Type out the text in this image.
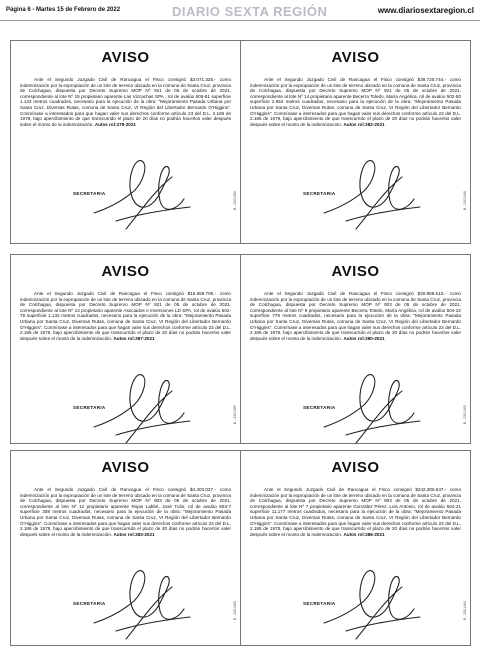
Página 6 - Martes 15 de Febrero de 2022	DIARIO SEXTA REGIÓN	www.diariosextaregion.cl
AVISO
Ante el Segundo Juzgado Civil de Rancagua el Fisco consignó $3.071.325.- como indemnización por la expropiación de un lote de terreno ubicado en la comuna de Santa Cruz, provincia de Colchagua, dispuesta por Decreto Supremo MOP Nº 921 de 05 de octubre de 2021, correspondiente al lote Nº 15 propietario aparente Las Vizcachas SPA , rol de avalúo 505-81 superficie 1.132 metros cuadrados, necesario para la ejecución de la obra: "Mejoramiento Pasada Urbana por Santa Cruz, Diversas Rutas, comuna de Santa Cruz, VI Región del Libertador Bernardo O'Higgins". Conmínase a interesados para que hagan valer sus derechos conforme artículo 23 del D.L. 2.186 de 1978, bajo apercibimiento de que transcurrido el plazo de 20 días no podrán hacerlos valer después sobre el monto de la indemnización. Autos rol:378-2021
SECRETARIA	B - 2201480
AVISO
Ante el Segundo Juzgado Civil de Rancagua el Fisco consignó $39.720.744.- como indemnización por la expropiación de un lote de terreno ubicado en la comuna de Santa Cruz, provincia de Colchagua, dispuesta por Decreto Supremo MOP Nº 921 de 05 de octubre de 2021, correspondiente al lote Nº 14 propietario aparente Becerra Toledo, María Angélica, rol de avalúo 502-50 superficie 2.952 metros cuadrados, necesario para la ejecución de la obra: "Mejoramiento Pasada Urbana por Santa Cruz, Diversas Rutas, comuna de Santa Cruz, VI Región del Libertador Bernardo O'Higgins". Conmínase a interesados para que hagan valer sus derechos conforme artículo 23 del D.L. 2.186 de 1978, bajo apercibimiento de que transcurrido el plazo de 20 días no podrán hacerlos valer después sobre el monto de la indemnización. Autos rol:382-2021
SECRETARIA	B - 2201468
AVISO
Ante el Segundo Juzgado Civil de Rancagua el Fisco consignó $15.659.706.- como indemnización por la expropiación de un lote de terreno ubicado en la comuna de Santa Cruz, provincia de Colchagua, dispuesta por Decreto Supremo MOP Nº 921 de 05 de octubre de 2021, correspondiente al lote Nº 13 propietario aparente Asociados e Inversiones LD SPA, rol de avalúo 502-79 superficie 1.132 metros cuadrados, necesario para la ejecución de la obra: "Mejoramiento Pasada Urbana por Santa Cruz, Diversas Rutas, comuna de Santa Cruz, VI Región del Libertador Bernardo O'Higgins". Conmínase a interesados para que hagan valer sus derechos conforme artículo 23 del D.L. 2.186 de 1978, bajo apercibimiento de que transcurrido el plazo de 20 días no podrán hacerlos valer después sobre el monto de la indemnización. Autos rol:387-2021
SECRETARIA	B - 2201469
AVISO
Ante el Segundo Juzgado Civil de Rancagua el Fisco consignó $20.888.613.- como indemnización por la expropiación de un lote de terreno ubicado en la comuna de Santa Cruz, provincia de Colchagua, dispuesta por Decreto Supremo MOP Nº 903 de 05 de octubre de 2021, correspondiente al lote Nº 9 propietario aparente Becerra Toledo, María Angélica, rol de avalúo 504-22 superficie 778 metros cuadrados, necesario para la ejecución de la obra: "Mejoramiento Pasada Urbana por Santa Cruz, Diversas Rutas, comuna de Santa Cruz, VI Región del Libertador Bernardo O'Higgins". Conmínase a interesados para que hagan valer sus derechos conforme artículo 23 del D.L. 2.186 de 1978, bajo apercibimiento de que transcurrido el plazo de 20 días no podrán hacerlos valer después sobre el monto de la indemnización. Autos rol:380-2021
SECRETARIA	B - 2201463
AVISO
Ante el Segundo Juzgado Civil de Rancagua el Fisco consignó $4.403.037.- como indemnización por la expropiación de un lote de terreno ubicado en la comuna de Santa Cruz, provincia de Colchagua, dispuesta por Decreto Supremo MOP Nº 903 de 05 de octubre de 2021, correspondiente al lote Nº 12 propietario aparente Rojas Labbé, José Tulio, rol de avalúo 503-7 superficie 308 metros cuadrados, necesario para la ejecución de la obra: "Mejoramiento Pasada Urbana por Santa Cruz, Diversas Rutas, comuna de Santa Cruz, VI Región del Libertador Bernardo O'Higgins". Conmínase a interesados para que hagan valer sus derechos conforme artículo 23 del D.L. 2.186 de 1978, bajo apercibimiento de que transcurrido el plazo de 20 días no podrán hacerlos valer después sobre el monto de la indemnización. Autos rol:383-2021
SECRETARIA	B - 2201465
AVISO
Ante el Segundo Juzgado Civil de Rancagua el Fisco consignó $242.306.647.- como indemnización por la expropiación de un lote de terreno ubicado en la comuna de Santa Cruz, provincia de Colchagua, dispuesta por Decreto Supremo MOP Nº 903 de 05 de octubre de 2021, correspondiente al lote Nº 7 propietario aparente González Pérez, Luis Antonio, rol de avalúo 504-21 superficie 11.177 metros cuadrados, necesario para la ejecución de la obra: "Mejoramiento Pasada Urbana por Santa Cruz, Diversas Rutas, comuna de Santa Cruz, VI Región del Libertador Bernardo O'Higgins". Conmínase a interesados para que hagan valer sus derechos conforme artículo 23 del D.L. 2.186 de 1978, bajo apercibimiento de que transcurrido el plazo de 20 días no podrán hacerlos valer después sobre el monto de la indemnización. Autos rol:386-2021
SECRETARIA	B - 2201464
